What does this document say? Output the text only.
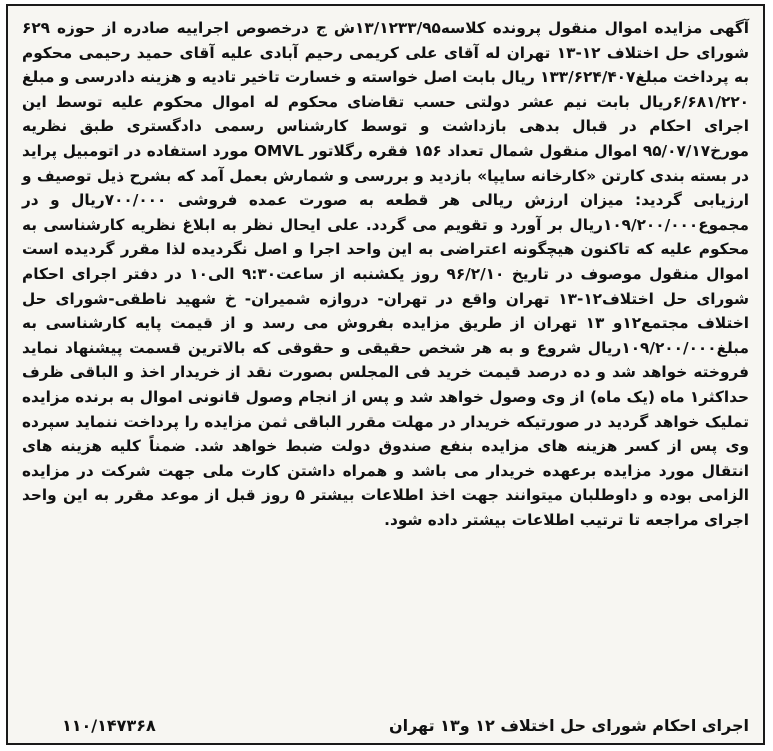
آگهی مزایده اموال منقول پرونده کلاسه۱۳/۱۲۳۳/۹۵ش ج درخصوص اجراییه صادره از حوزه ۶۲۹ شورای حل اختلاف ۱۲-۱۳ تهران له آقای علی کریمی رحیم آبادی علیه آقای حمید رحیمی محکوم به پرداخت مبلغ۱۳۳/۶۲۴/۴۰۷ ریال بابت اصل خواسته و خسارت تاخیر تادیه و هزینه دادرسی و مبلغ ۶/۶۸۱/۲۲۰ریال بابت نیم عشر دولتی حسب تقاضای محکوم له اموال محکوم علیه توسط این اجرای احکام در قبال بدهی بازداشت و توسط کارشناس رسمی دادگستری طبق نظریه مورخ۹۵/۰۷/۱۷ اموال منقول شمال تعداد ۱۵۶ فقره رگلاتور OMVL مورد استفاده در اتومبیل پراید در بسته بندی کارتن «کارخانه سایپا» بازدید و بررسی و شمارش بعمل آمد که بشرح ذیل توصیف و ارزیابی گردید: میزان ارزش ریالی هر قطعه به صورت عمده فروشی ۷۰۰/۰۰۰ریال و در مجموع۱۰۹/۲۰۰/۰۰۰ریال بر آورد و تقویم می گردد. علی ایحال نظر به ابلاغ نظریه کارشناسی به محکوم علیه که تاکنون هیچگونه اعتراضی به این واحد اجرا و اصل نگردیده لذا مقرر گردیده است اموال منقول موصوف در تاریخ ۹۶/۲/۱۰ روز یکشنبه از ساعت۹:۳۰ الی۱۰ در دفتر اجرای احکام شورای حل اختلاف۱۲-۱۳ تهران واقع در تهران- دروازه شمیران- خ شهید ناطقی-شورای حل اختلاف مجتمع۱۲و ۱۳ تهران از طریق مزایده بفروش می رسد و از قیمت پایه کارشناسی به مبلغ۱۰۹/۲۰۰/۰۰۰ریال شروع و به هر شخص حقیقی و حقوقی که بالاترین قسمت پیشنهاد نماید فروخته خواهد شد و ده درصد قیمت خرید فی المجلس بصورت نقد از خریدار اخذ و الباقی ظرف حداکثر۱ ماه (یک ماه) از وی وصول خواهد شد و پس از انجام وصول قانونی اموال به برنده مزایده تملیک خواهد گردید در صورتیکه خریدار در مهلت مقرر الباقی ثمن مزایده را پرداخت ننماید سپرده وی پس از کسر هزینه های مزایده بنفع صندوق دولت ضبط خواهد شد. ضمناً کلیه هزینه های انتقال مورد مزایده برعهده خریدار می باشد و همراه داشتن کارت ملی جهت شرکت در مزایده الزامی بوده و داوطلبان میتوانند جهت اخذ اطلاعات بیشتر ۵ روز قبل از موعد مقرر به این واحد اجرای مراجعه تا ترتیب اطلاعات بیشتر داده شود.

اجرای احکام شورای حل اختلاف ۱۲ و۱۳ تهران
۱۱۰/۱۴۷۳۶۸
